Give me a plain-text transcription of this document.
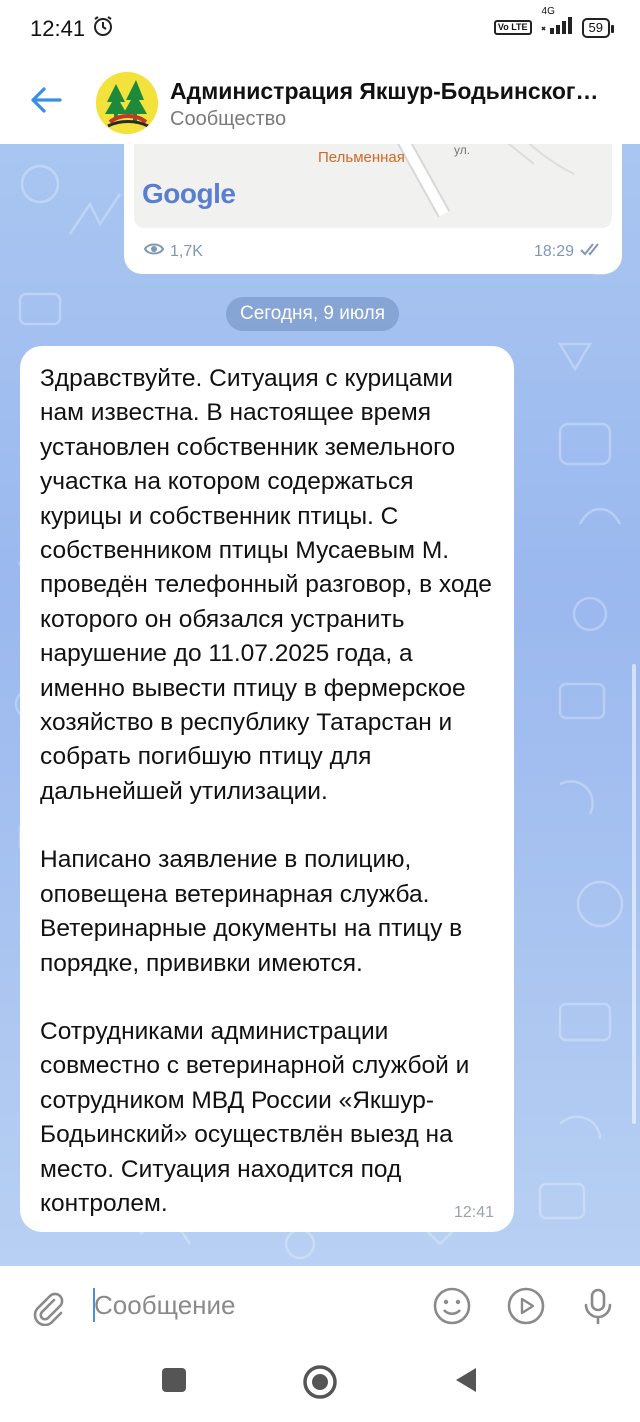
12:41	Vo LTE
4G
59
Администрация Якшур-Бодьинског…
Сообщество
Пельменная	ул.
Google
1,7K	18:29
Сегодня, 9 июля

Здравствуйте. Ситуация с курицами нам известна. В настоящее время установлен собственник земельного участка на котором содержаться курицы и собственник птицы. С собственником птицы Мусаевым М. проведён телефонный разговор, в ходе которого он обязался устранить нарушение до 11.07.2025 года, а именно вывести птицу в фермерское хозяйство в республику Татарстан и собрать погибшую птицу для дальнейшей утилизации.

Написано заявление в полицию, оповещена ветеринарная служба. Ветеринарные документы на птицу в порядке, прививки имеются.

Сотрудниками администрации совместно с ветеринарной службой и сотрудником МВД России «Якшур-Бодьинский» осуществлён выезд на место. Ситуация находится под контролем.	12:41
Сообщение
